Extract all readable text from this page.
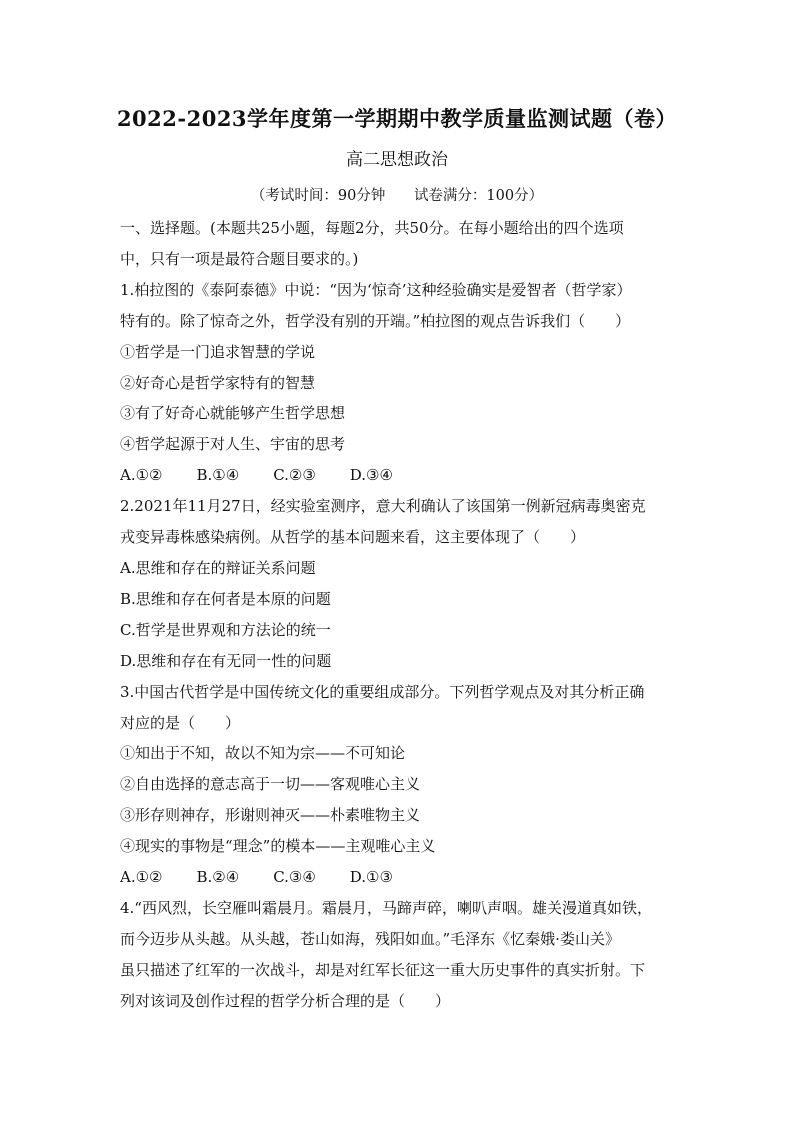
2022-2023学年度第一学期期中教学质量监测试题（卷）
高二思想政治
（考试时间：90分钟 试卷满分：100分）

一、选择题。(本题共25小题，每题2分，共50分。在每小题给出的四个选项

中，只有一项是最符合题目要求的。)

1.柏拉图的《泰阿泰德》中说：“因为‘惊奇’这种经验确实是爱智者（哲学家）

特有的。除了惊奇之外，哲学没有别的开端。”柏拉图的观点告诉我们（　　）

①哲学是一门追求智慧的学说

②好奇心是哲学家特有的智慧

③有了好奇心就能够产生哲学思想

④哲学起源于对人生、宇宙的思考

A.①② B.①④ C.②③ D.③④

2.2021年11月27日，经实验室测序，意大利确认了该国第一例新冠病毒奥密克

戎变异毒株感染病例。从哲学的基本问题来看，这主要体现了（　　）

A.思维和存在的辩证关系问题

B.思维和存在何者是本原的问题

C.哲学是世界观和方法论的统一

D.思维和存在有无同一性的问题

3.中国古代哲学是中国传统文化的重要组成部分。下列哲学观点及对其分析正确

对应的是（　　）

①知出于不知，故以不知为宗——不可知论

②自由选择的意志高于一切——客观唯心主义

③形存则神存，形谢则神灭——朴素唯物主义

④现实的事物是“理念”的模本——主观唯心主义

A.①② B.②④ C.③④ D.①③

4.“西风烈，长空雁叫霜晨月。霜晨月，马蹄声碎，喇叭声咽。雄关漫道真如铁，

而今迈步从头越。从头越，苍山如海，残阳如血。”毛泽东《忆秦娥·娄山关》

虽只描述了红军的一次战斗，却是对红军长征这一重大历史事件的真实折射。下

列对该词及创作过程的哲学分析合理的是（　　）
